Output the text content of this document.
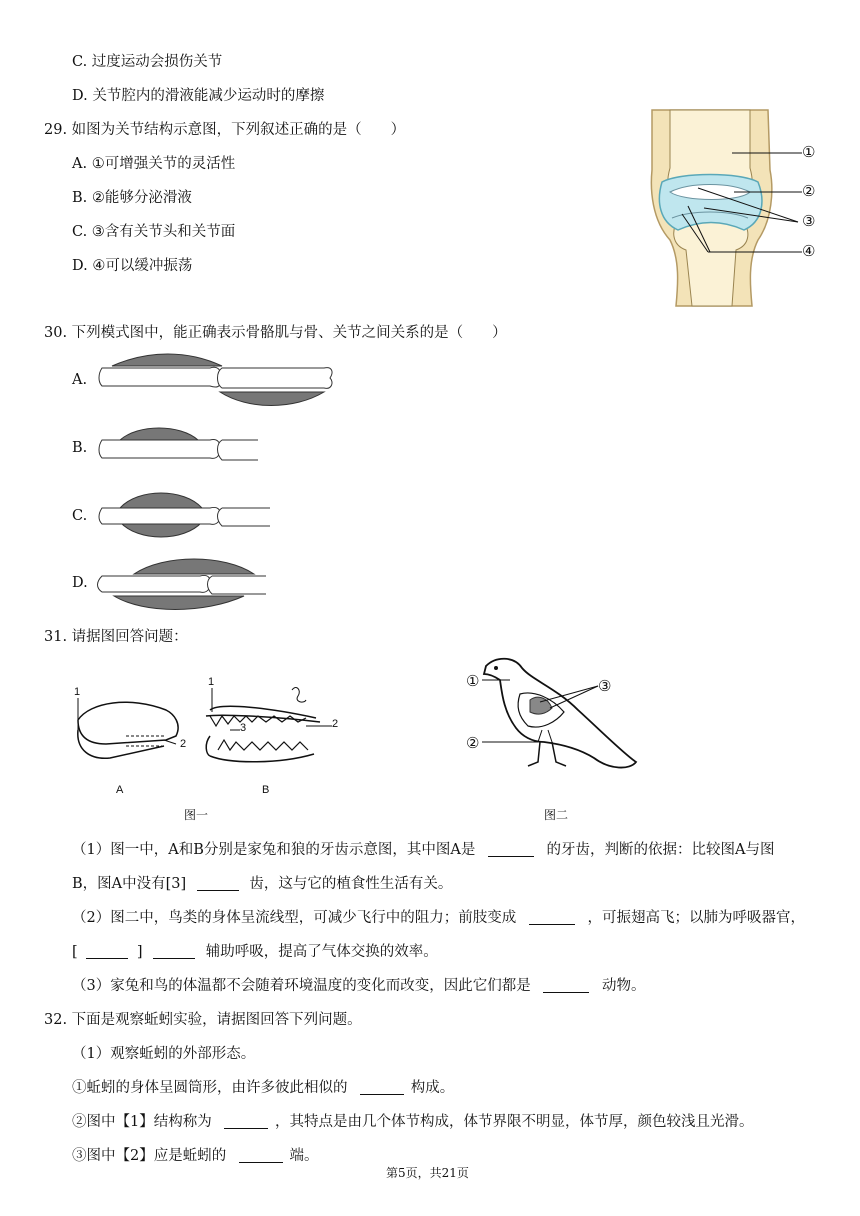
C. 过度运动会损伤关节
D. 关节腔内的滑液能减少运动时的摩擦
29. 如图为关节结构示意图，下列叙述正确的是（　　）
A. ①可增强关节的灵活性
B. ②能够分泌滑液
C. ③含有关节头和关节面
D. ④可以缓冲振荡
①
②
③
④
30. 下列模式图中，能正确表示骨骼肌与骨、关节之间关系的是（　　）
A.
B.
C.
D.
31. 请据图回答问题：
1
2
1
2
3
A	B
图一
①
②
③
图二
（1）图一中，A和B分别是家兔和狼的牙齿示意图，其中图A是	的牙齿，判断的依据：比较图A与图
B，图A中没有[3]	齿，这与它的植食性生活有关。
（2）图二中，鸟类的身体呈流线型，可减少飞行中的阻力；前肢变成	，可振翅高飞；以肺为呼吸器官，
[	]	辅助呼吸，提高了气体交换的效率。
（3）家兔和鸟的体温都不会随着环境温度的变化而改变，因此它们都是	动物。
32. 下面是观察蚯蚓实验，请据图回答下列问题。
（1）观察蚯蚓的外部形态。
①蚯蚓的身体呈圆筒形，由许多彼此相似的	构成。
②图中【1】结构称为	，其特点是由几个体节构成，体节界限不明显，体节厚，颜色较浅且光滑。
③图中【2】应是蚯蚓的	端。
第5页，共21页
